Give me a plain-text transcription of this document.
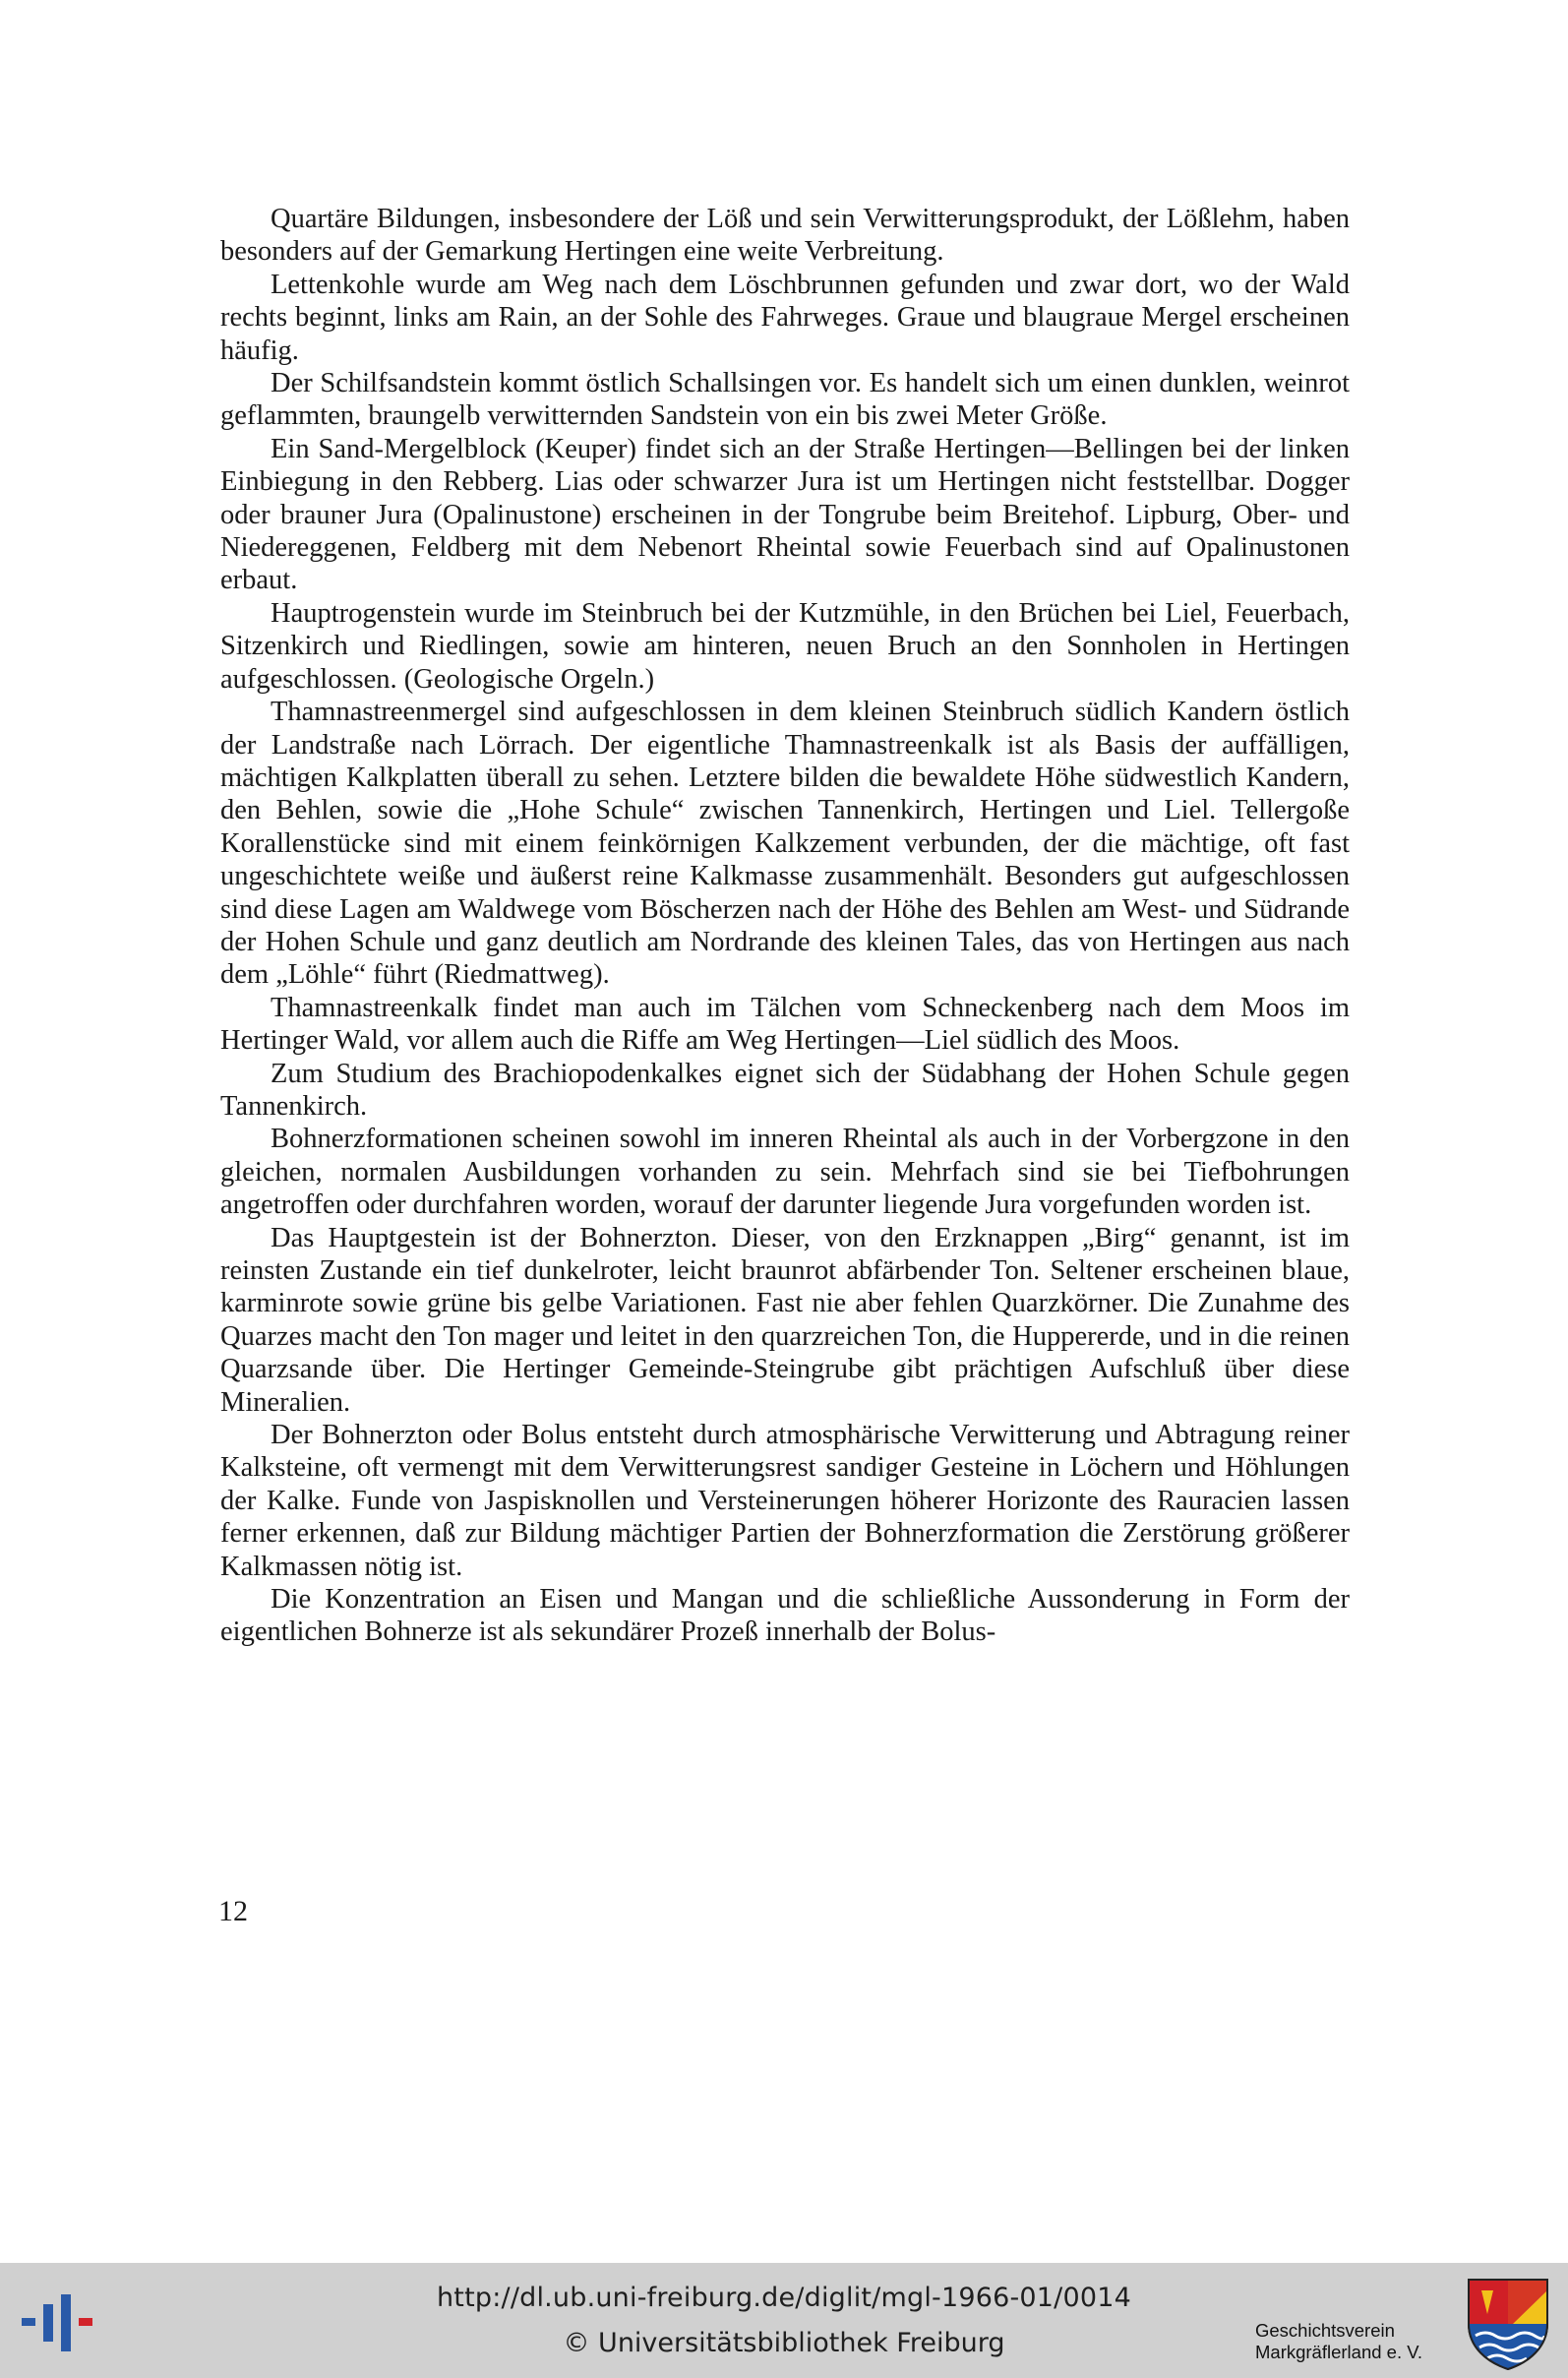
Quartäre Bildungen, insbesondere der Löß und sein Verwitterungsprodukt, der Lößlehm, haben besonders auf der Gemarkung Hertingen eine weite Verbreitung.

Lettenkohle wurde am Weg nach dem Löschbrunnen gefunden und zwar dort, wo der Wald rechts beginnt, links am Rain, an der Sohle des Fahrweges. Graue und blaugraue Mergel erscheinen häufig.

Der Schilfsandstein kommt östlich Schallsingen vor. Es handelt sich um einen dunklen, weinrot geflammten, braungelb verwitternden Sandstein von ein bis zwei Meter Größe.

Ein Sand-Mergelblock (Keuper) findet sich an der Straße Hertingen—Bellingen bei der linken Einbiegung in den Rebberg. Lias oder schwarzer Jura ist um Hertingen nicht feststellbar. Dogger oder brauner Jura (Opalinustone) erscheinen in der Tongrube beim Breitehof. Lipburg, Ober- und Niedereggenen, Feldberg mit dem Nebenort Rheintal sowie Feuerbach sind auf Opalinustonen erbaut.

Hauptrogenstein wurde im Steinbruch bei der Kutzmühle, in den Brüchen bei Liel, Feuerbach, Sitzenkirch und Riedlingen, sowie am hinteren, neuen Bruch an den Sonnholen in Hertingen aufgeschlossen. (Geologische Orgeln.)

Thamnastreenmergel sind aufgeschlossen in dem kleinen Steinbruch südlich Kandern östlich der Landstraße nach Lörrach. Der eigentliche Thamnastreenkalk ist als Basis der auffälligen, mächtigen Kalkplatten überall zu sehen. Letztere bilden die bewaldete Höhe südwestlich Kandern, den Behlen, sowie die „Hohe Schule“ zwischen Tannenkirch, Hertingen und Liel. Tellergoße Korallenstücke sind mit einem feinkörnigen Kalkzement verbunden, der die mächtige, oft fast ungeschichtete weiße und äußerst reine Kalkmasse zusammenhält. Besonders gut aufgeschlossen sind diese Lagen am Waldwege vom Böscherzen nach der Höhe des Behlen am West- und Südrande der Hohen Schule und ganz deutlich am Nordrande des kleinen Tales, das von Hertingen aus nach dem „Löhle“ führt (Riedmattweg).

Thamnastreenkalk findet man auch im Tälchen vom Schneckenberg nach dem Moos im Hertinger Wald, vor allem auch die Riffe am Weg Hertingen—Liel südlich des Moos.

Zum Studium des Brachiopodenkalkes eignet sich der Südabhang der Hohen Schule gegen Tannenkirch.

Bohnerzformationen scheinen sowohl im inneren Rheintal als auch in der Vorbergzone in den gleichen, normalen Ausbildungen vorhanden zu sein. Mehrfach sind sie bei Tiefbohrungen angetroffen oder durchfahren worden, worauf der darunter liegende Jura vorgefunden worden ist.

Das Hauptgestein ist der Bohnerzton. Dieser, von den Erzknappen „Birg“ genannt, ist im reinsten Zustande ein tief dunkelroter, leicht braunrot abfärbender Ton. Seltener erscheinen blaue, karminrote sowie grüne bis gelbe Variationen. Fast nie aber fehlen Quarzkörner. Die Zunahme des Quarzes macht den Ton mager und leitet in den quarzreichen Ton, die Huppererde, und in die reinen Quarzsande über. Die Hertinger Gemeinde-Steingrube gibt prächtigen Aufschluß über diese Mineralien.

Der Bohnerzton oder Bolus entsteht durch atmosphärische Verwitterung und Abtragung reiner Kalksteine, oft vermengt mit dem Verwitterungsrest sandiger Gesteine in Löchern und Höhlungen der Kalke. Funde von Jaspisknollen und Versteinerungen höherer Horizonte des Rauracien lassen ferner erkennen, daß zur Bildung mächtiger Partien der Bohnerzformation die Zerstörung größerer Kalkmassen nötig ist.

Die Konzentration an Eisen und Mangan und die schließliche Aussonderung in Form der eigentlichen Bohnerze ist als sekundärer Prozeß innerhalb der Bolus-

12
http://dl.ub.uni-freiburg.de/diglit/mgl-1966-01/0014
© Universitätsbibliothek Freiburg	Geschichtsverein
Markgräflerland e. V.
